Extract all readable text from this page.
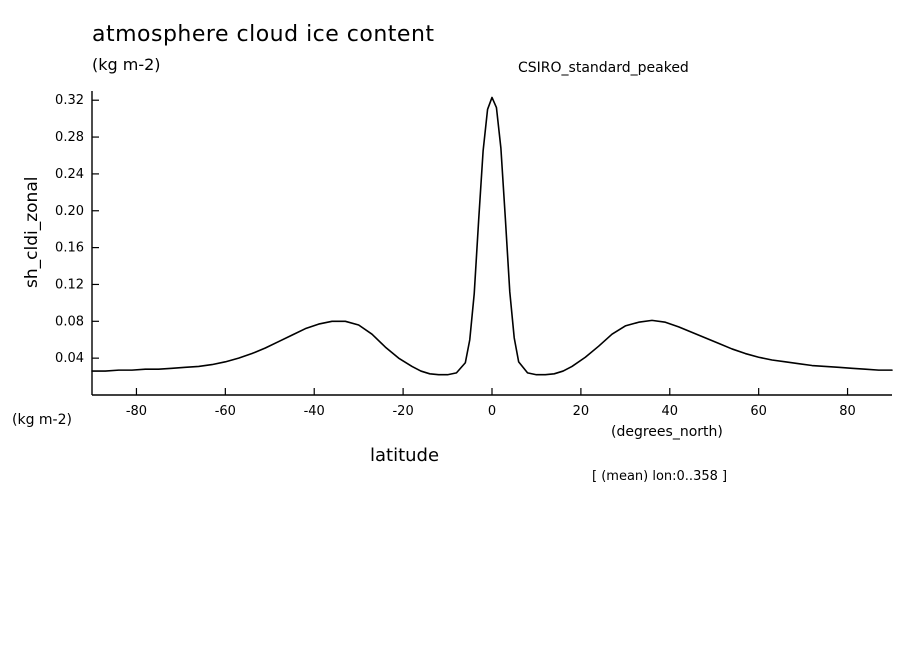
atmosphere cloud ice content
(kg m-2)	CSIRO_standard_peaked
sh_cldi_zonal
latitude
(kg m-2)
(degrees_north)
[ (mean) lon:0..358 ]
-80	-60	-40	-20	0	20	40	60	80
0.04
0.08
0.12
0.16
0.20
0.24
0.28
0.32
